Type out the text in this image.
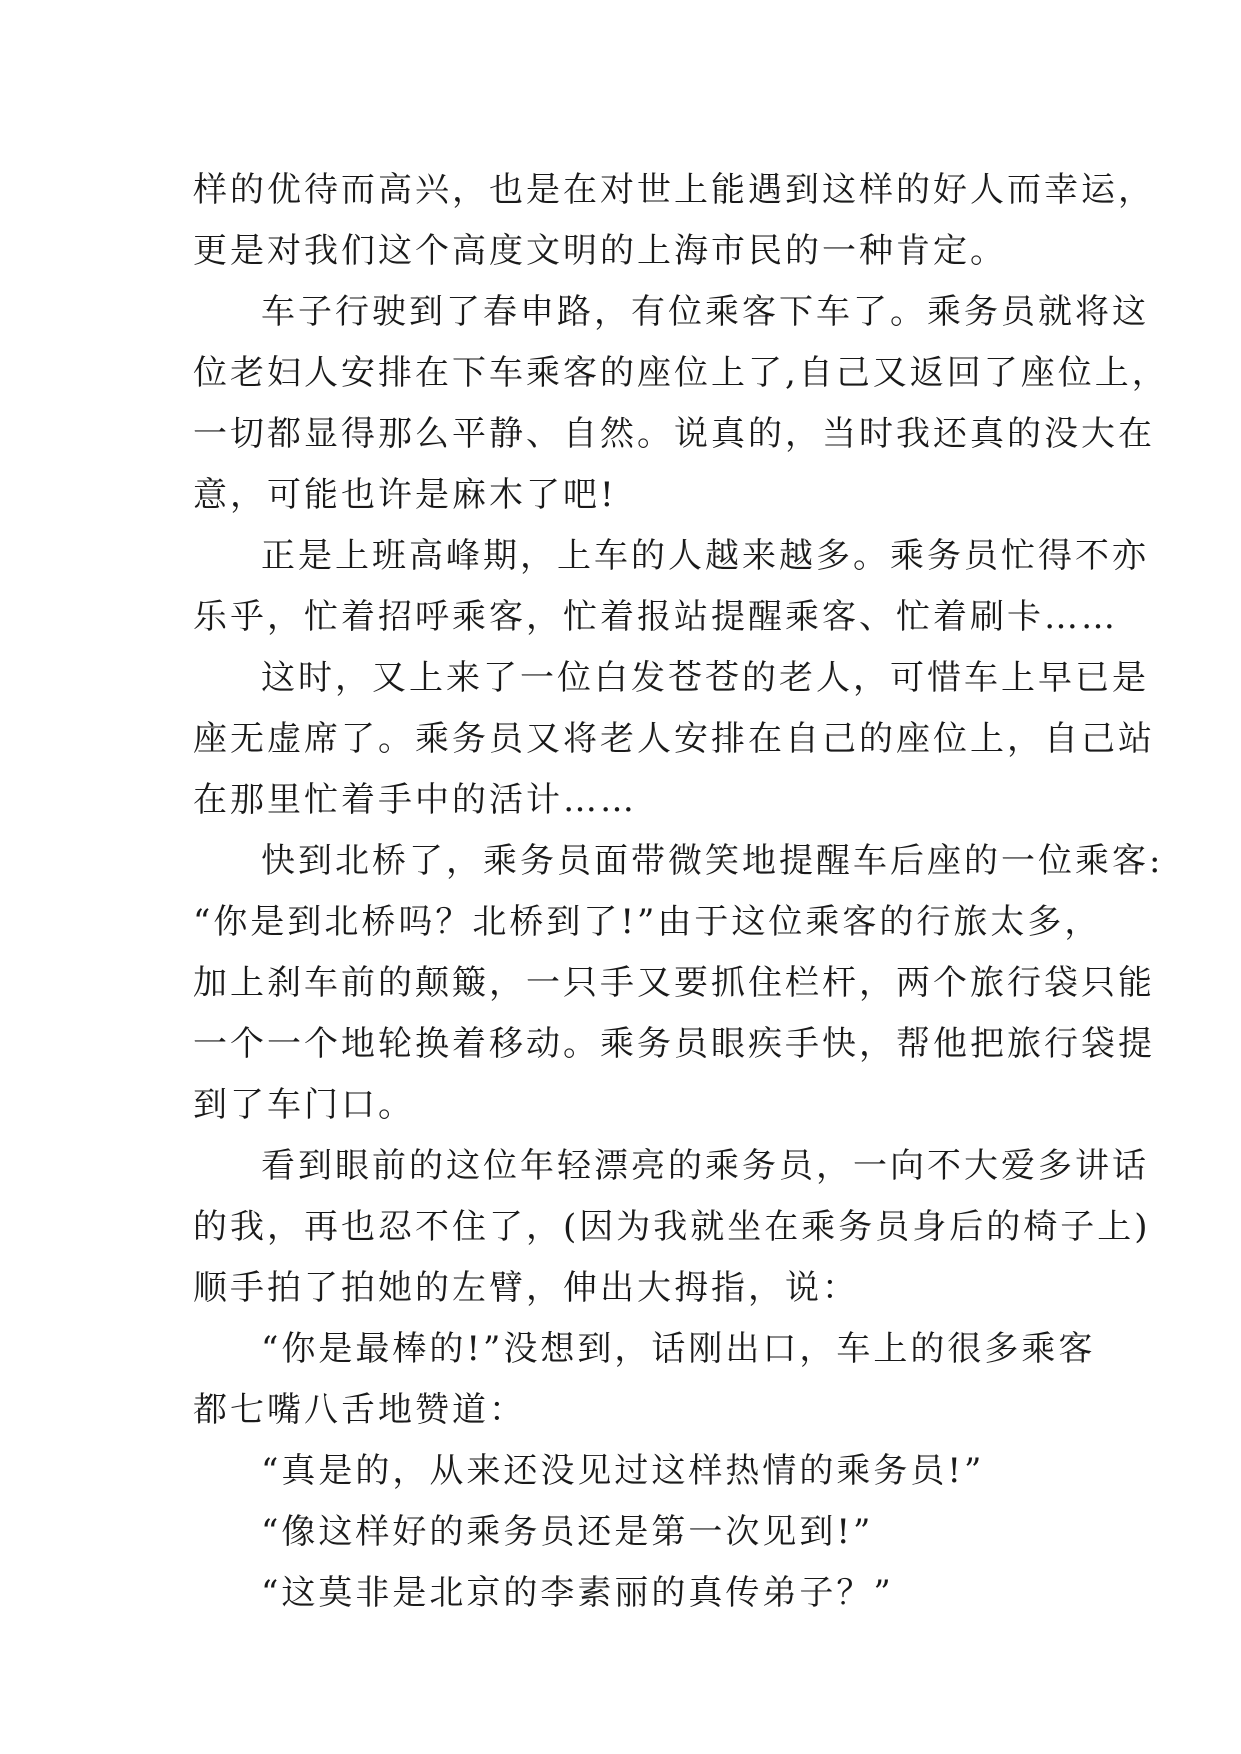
样的优待而高兴，也是在对世上能遇到这样的好人而幸运，
更是对我们这个高度文明的上海市民的一种肯定。
车子行驶到了春申路，有位乘客下车了。乘务员就将这
位老妇人安排在下车乘客的座位上了,自己又返回了座位上，
一切都显得那么平静、自然。说真的，当时我还真的没大在
意，可能也许是麻木了吧!
正是上班高峰期，上车的人越来越多。乘务员忙得不亦
乐乎，忙着招呼乘客，忙着报站提醒乘客、忙着刷卡……
这时，又上来了一位白发苍苍的老人，可惜车上早已是
座无虚席了。乘务员又将老人安排在自己的座位上，自己站
在那里忙着手中的活计……
快到北桥了，乘务员面带微笑地提醒车后座的一位乘客:
“你是到北桥吗？北桥到了!”由于这位乘客的行旅太多，
加上刹车前的颠簸，一只手又要抓住栏杆，两个旅行袋只能
一个一个地轮换着移动。乘务员眼疾手快，帮他把旅行袋提
到了车门口。
看到眼前的这位年轻漂亮的乘务员，一向不大爱多讲话
的我，再也忍不住了，(因为我就坐在乘务员身后的椅子上)
顺手拍了拍她的左臂，伸出大拇指，说：
“你是最棒的!”没想到，话刚出口，车上的很多乘客
都七嘴八舌地赞道：
“真是的，从来还没见过这样热情的乘务员!”
“像这样好的乘务员还是第一次见到!”
“这莫非是北京的李素丽的真传弟子？”
